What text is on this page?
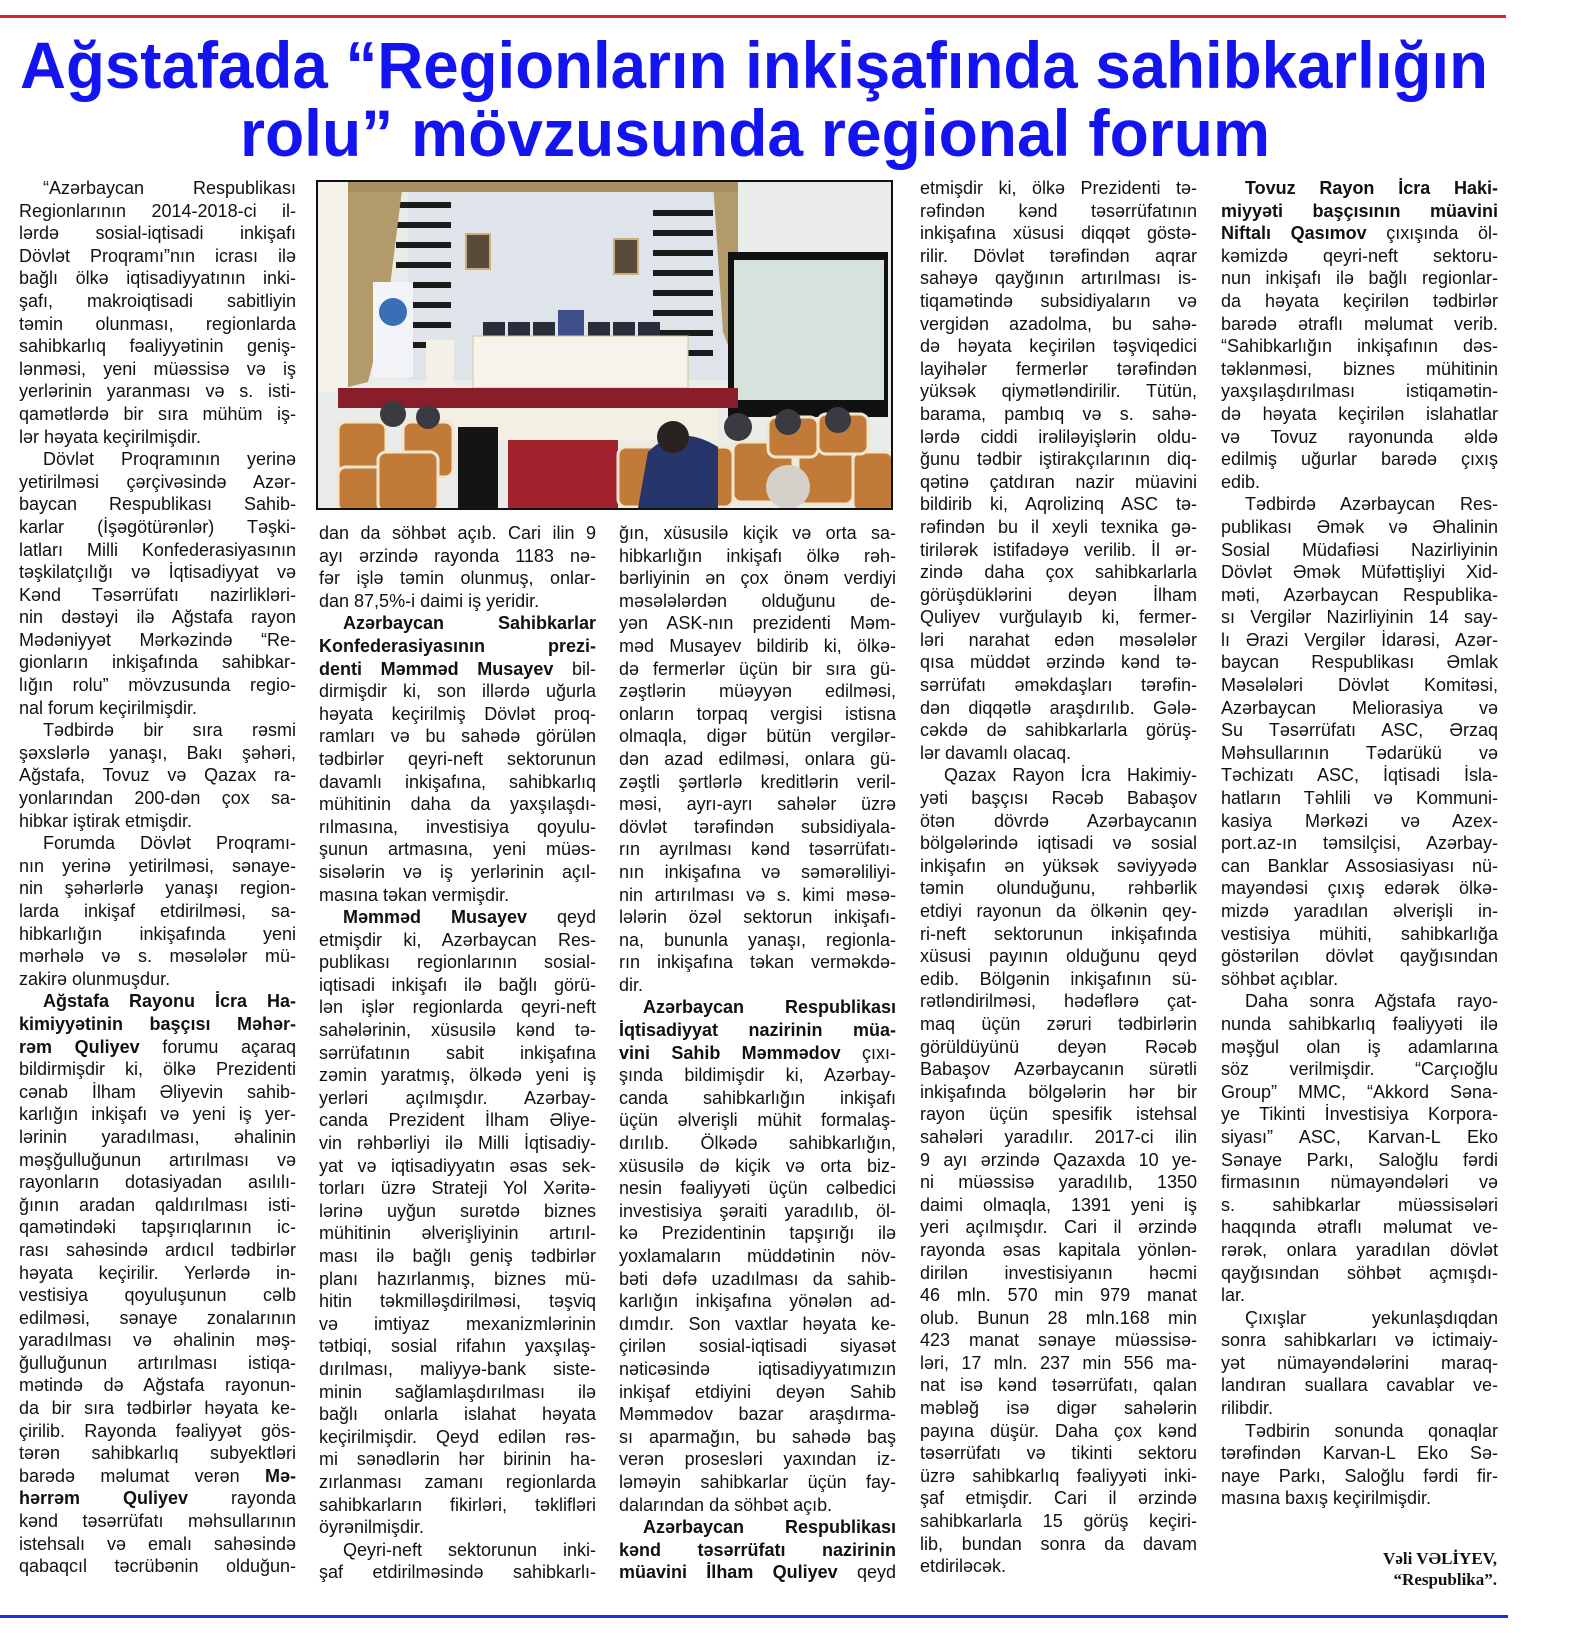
Ağstafada “Regionların inkişafında sahibkarlığın
rolu” mövzusunda regional forum
“Azərbaycan Respublikası
Regionlarının 2014-2018-ci il-
lərdə sosial-iqtisadi inkişafı
Dövlət Proqramı”nın icrası ilə
bağlı ölkə iqtisadiyyatının inki-
şafı, makroiqtisadi sabitliyin
təmin olunması, regionlarda
sahibkarlıq fəaliyyətinin geniş-
lənməsi, yeni müəssisə və iş
yerlərinin yaranması və s. isti-
qamətlərdə bir sıra mühüm iş-
lər həyata keçirilmişdir.
Dövlət Proqramının yerinə
yetirilməsi çərçivəsində Azər-
baycan Respublikası Sahib-
karlar (İşəgötürənlər) Təşki-
latları Milli Konfederasiyasının
təşkilatçılığı və İqtisadiyyat və
Kənd Təsərrüfatı nazirlikləri-
nin dəstəyi ilə Ağstafa rayon
Mədəniyyət Mərkəzində “Re-
gionların inkişafında sahibkar-
lığın rolu” mövzusunda regio-
nal forum keçirilmişdir.
Tədbirdə bir sıra rəsmi
şəxslərlə yanaşı, Bakı şəhəri,
Ağstafa, Tovuz və Qazax ra-
yonlarından 200-dən çox sa-
hibkar iştirak etmişdir.
Forumda Dövlət Proqramı-
nın yerinə yetirilməsi, sənaye-
nin şəhərlərlə yanaşı region-
larda inkişaf etdirilməsi, sa-
hibkarlığın inkişafında yeni
mərhələ və s. məsələlər mü-
zakirə olunmuşdur.
Ağstafa Rayonu İcra Ha-
kimiyyətinin başçısı Məhər-
rəm Quliyev forumu açaraq
bildirmişdir ki, ölkə Prezidenti
cənab İlham Əliyevin sahib-
karlığın inkişafı və yeni iş yer-
lərinin yaradılması, əhalinin
məşğulluğunun artırılması və
rayonların dotasiyadan asılılı-
ğının aradan qaldırılması isti-
qamətindəki tapşırıqlarının ic-
rası sahəsində ardıcıl tədbirlər
həyata keçirilir. Yerlərdə in-
vestisiya qoyuluşunun cəlb
edilməsi, sənaye zonalarının
yaradılması və əhalinin məş-
ğulluğunun artırılması istiqa-
mətində də Ağstafa rayonun-
da bir sıra tədbirlər həyata ke-
çirilib. Rayonda fəaliyyət gös-
tərən sahibkarlıq subyektləri
barədə məlumat verən Mə-
hərrəm Quliyev rayonda
kənd təsərrüfatı məhsullarının
istehsalı və emalı sahəsində
qabaqcıl təcrübənin olduğun-
dan da söhbət açıb. Cari ilin 9
ayı ərzində rayonda 1183 nə-
fər işlə təmin olunmuş, onlar-
dan 87,5%-i daimi iş yeridir.
Azərbaycan Sahibkarlar
Konfederasiyasının prezi-
denti Məmməd Musayev bil-
dirmişdir ki, son illərdə uğurla
həyata keçirilmiş Dövlət proq-
ramları və bu sahədə görülən
tədbirlər qeyri-neft sektorunun
davamlı inkişafına, sahibkarlıq
mühitinin daha da yaxşılaşdı-
rılmasına, investisiya qoyulu-
şunun artmasına, yeni müəs-
sisələrin və iş yerlərinin açıl-
masına təkan vermişdir.
Məmməd Musayev qeyd
etmişdir ki, Azərbaycan Res-
publikası regionlarının sosial-
iqtisadi inkişafı ilə bağlı görü-
lən işlər regionlarda qeyri-neft
sahələrinin, xüsusilə kənd tə-
sərrüfatının sabit inkişafına
zəmin yaratmış, ölkədə yeni iş
yerləri açılmışdır. Azərbay-
canda Prezident İlham Əliye-
vin rəhbərliyi ilə Milli İqtisadiy-
yat və iqtisadiyyatın əsas sek-
torları üzrə Strateji Yol Xəritə-
lərinə uyğun surətdə biznes
mühitinin əlverişliyinin artırıl-
ması ilə bağlı geniş tədbirlər
planı hazırlanmış, biznes mü-
hitin təkmilləşdirilməsi, təşviq
və imtiyaz mexanizmlərinin
tətbiqi, sosial rifahın yaxşılaş-
dırılması, maliyyə-bank siste-
minin sağlamlaşdırılması ilə
bağlı onlarla islahat həyata
keçirilmişdir. Qeyd edilən rəs-
mi sənədlərin hər birinin ha-
zırlanması zamanı regionlarda
sahibkarların fikirləri, təklifləri
öyrənilmişdir.
Qeyri-neft sektorunun inki-
şaf etdirilməsində sahibkarlı-
ğın, xüsusilə kiçik və orta sa-
hibkarlığın inkişafı ölkə rəh-
bərliyinin ən çox önəm verdiyi
məsələlərdən olduğunu de-
yən ASK-nın prezidenti Məm-
məd Musayev bildirib ki, ölkə-
də fermerlər üçün bir sıra gü-
zəştlərin müəyyən edilməsi,
onların torpaq vergisi istisna
olmaqla, digər bütün vergilər-
dən azad edilməsi, onlara gü-
zəştli şərtlərlə kreditlərin veril-
məsi, ayrı-ayrı sahələr üzrə
dövlət tərəfindən subsidiyala-
rın ayrılması kənd təsərrüfatı-
nın inkişafına və səmərəliliyi-
nin artırılması və s. kimi məsə-
lələrin özəl sektorun inkişafı-
na, bununla yanaşı, regionla-
rın inkişafına təkan verməkdə-
dir.
Azərbaycan Respublikası
İqtisadiyyat nazirinin müa-
vini Sahib Məmmədov çıxı-
şında bildimişdir ki, Azərbay-
canda sahibkarlığın inkişafı
üçün əlverişli mühit formalaş-
dırılıb. Ölkədə sahibkarlığın,
xüsusilə də kiçik və orta biz-
nesin fəaliyyəti üçün cəlbedici
investisiya şəraiti yaradılıb, öl-
kə Prezidentinin tapşırığı ilə
yoxlamaların müddətinin növ-
bəti dəfə uzadılması da sahib-
karlığın inkişafına yönələn ad-
dımdır. Son vaxtlar həyata ke-
çirilən sosial-iqtisadi siyasət
nəticəsində iqtisadiyyatımızın
inkişaf etdiyini deyən Sahib
Məmmədov bazar araşdırma-
sı aparmağın, bu sahədə baş
verən prosesləri yaxından iz-
ləməyin sahibkarlar üçün fay-
dalarından da söhbət açıb.
Azərbaycan Respublikası
kənd təsərrüfatı nazirinin
müavini İlham Quliyev qeyd
etmişdir ki, ölkə Prezidenti tə-
rəfindən kənd təsərrüfatının
inkişafına xüsusi diqqət göstə-
rilir. Dövlət tərəfindən aqrar
sahəyə qayğının artırılması is-
tiqamətində subsidiyaların və
vergidən azadolma, bu sahə-
də həyata keçirilən təşviqedici
layihələr fermerlər tərəfindən
yüksək qiymətləndirilir. Tütün,
barama, pambıq və s. sahə-
lərdə ciddi irəliləyişlərin oldu-
ğunu tədbir iştirakçılarının diq-
qətinə çatdıran nazir müavini
bildirib ki, Aqrolizinq ASC tə-
rəfindən bu il xeyli texnika gə-
tirilərək istifadəyə verilib. İl ər-
zində daha çox sahibkarlarla
görüşdüklərini deyən İlham
Quliyev vurğulayıb ki, fermer-
ləri narahat edən məsələlər
qısa müddət ərzində kənd tə-
sərrüfatı əməkdaşları tərəfin-
dən diqqətlə araşdırılıb. Gələ-
cəkdə də sahibkarlarla görüş-
lər davamlı olacaq.
Qazax Rayon İcra Hakimiy-
yəti başçısı Rəcəb Babaşov
ötən dövrdə Azərbaycanın
bölgələrində iqtisadi və sosial
inkişafın ən yüksək səviyyədə
təmin olunduğunu, rəhbərlik
etdiyi rayonun da ölkənin qey-
ri-neft sektorunun inkişafında
xüsusi payının olduğunu qeyd
edib. Bölgənin inkişafının sü-
rətləndirilməsi, hədəflərə çat-
maq üçün zəruri tədbirlərin
görüldüyünü deyən Rəcəb
Babaşov Azərbaycanın sürətli
inkişafında bölgələrin hər bir
rayon üçün spesifik istehsal
sahələri yaradılır. 2017-ci ilin
9 ayı ərzində Qazaxda 10 ye-
ni müəssisə yaradılıb, 1350
daimi olmaqla, 1391 yeni iş
yeri açılmışdır. Cari il ərzində
rayonda əsas kapitala yönlən-
dirilən investisiyanın həcmi
46 mln. 570 min 979 manat
olub. Bunun 28 mln.168 min
423 manat sənaye müəssisə-
ləri, 17 mln. 237 min 556 ma-
nat isə kənd təsərrüfatı, qalan
məbləğ isə digər sahələrin
payına düşür. Daha çox kənd
təsərrüfatı və tikinti sektoru
üzrə sahibkarlıq fəaliyyəti inki-
şaf etmişdir. Cari il ərzində
sahibkarlarla 15 görüş keçiri-
lib, bundan sonra da davam
etdiriləcək.
Tovuz Rayon İcra Haki-
miyyəti başçısının müavini
Niftalı Qasımov çıxışında öl-
kəmizdə qeyri-neft sektoru-
nun inkişafı ilə bağlı regionlar-
da həyata keçirilən tədbirlər
barədə ətraflı məlumat verib.
“Sahibkarlığın inkişafının dəs-
təklənməsi, biznes mühitinin
yaxşılaşdırılması istiqamətin-
də həyata keçirilən islahatlar
və Tovuz rayonunda əldə
edilmiş uğurlar barədə çıxış
edib.
Tədbirdə Azərbaycan Res-
publikası Əmək və Əhalinin
Sosial Müdafiəsi Nazirliyinin
Dövlət Əmək Müfəttişliyi Xid-
məti, Azərbaycan Respublika-
sı Vergilər Nazirliyinin 14 say-
lı Ərazi Vergilər İdarəsi, Azər-
baycan Respublikası Əmlak
Məsələləri Dövlət Komitəsi,
Azərbaycan Meliorasiya və
Su Təsərrüfatı ASC, Ərzaq
Məhsullarının Tədarükü və
Təchizatı ASC, İqtisadi İsla-
hatların Təhlili və Kommuni-
kasiya Mərkəzi və Azex-
port.az-ın təmsilçisi, Azərbay-
can Banklar Assosiasiyası nü-
mayəndəsi çıxış edərək ölkə-
mizdə yaradılan əlverişli in-
vestisiya mühiti, sahibkarlığa
göstərilən dövlət qayğısından
söhbət açıblar.
Daha sonra Ağstafa rayo-
nunda sahibkarlıq fəaliyyəti ilə
məşğul olan iş adamlarına
söz verilmişdir. “Carçıoğlu
Group” MMC, “Akkord Səna-
ye Tikinti İnvestisiya Korpora-
siyası” ASC, Karvan-L Eko
Sənaye Parkı, Saloğlu fərdi
firmasının nümayəndələri və
s. sahibkarlar müəssisələri
haqqında ətraflı məlumat ve-
rərək, onlara yaradılan dövlət
qayğısından söhbət açmışdı-
lar.
Çıxışlar yekunlaşdıqdan
sonra sahibkarları və ictimaiy-
yət nümayəndələrini maraq-
landıran suallara cavablar ve-
rilibdir.
Tədbirin sonunda qonaqlar
tərəfindən Karvan-L Eko Sə-
naye Parkı, Saloğlu fərdi fir-
masına baxış keçirilmişdir.
Vəli VƏLİYEV,
“Respublika”.
